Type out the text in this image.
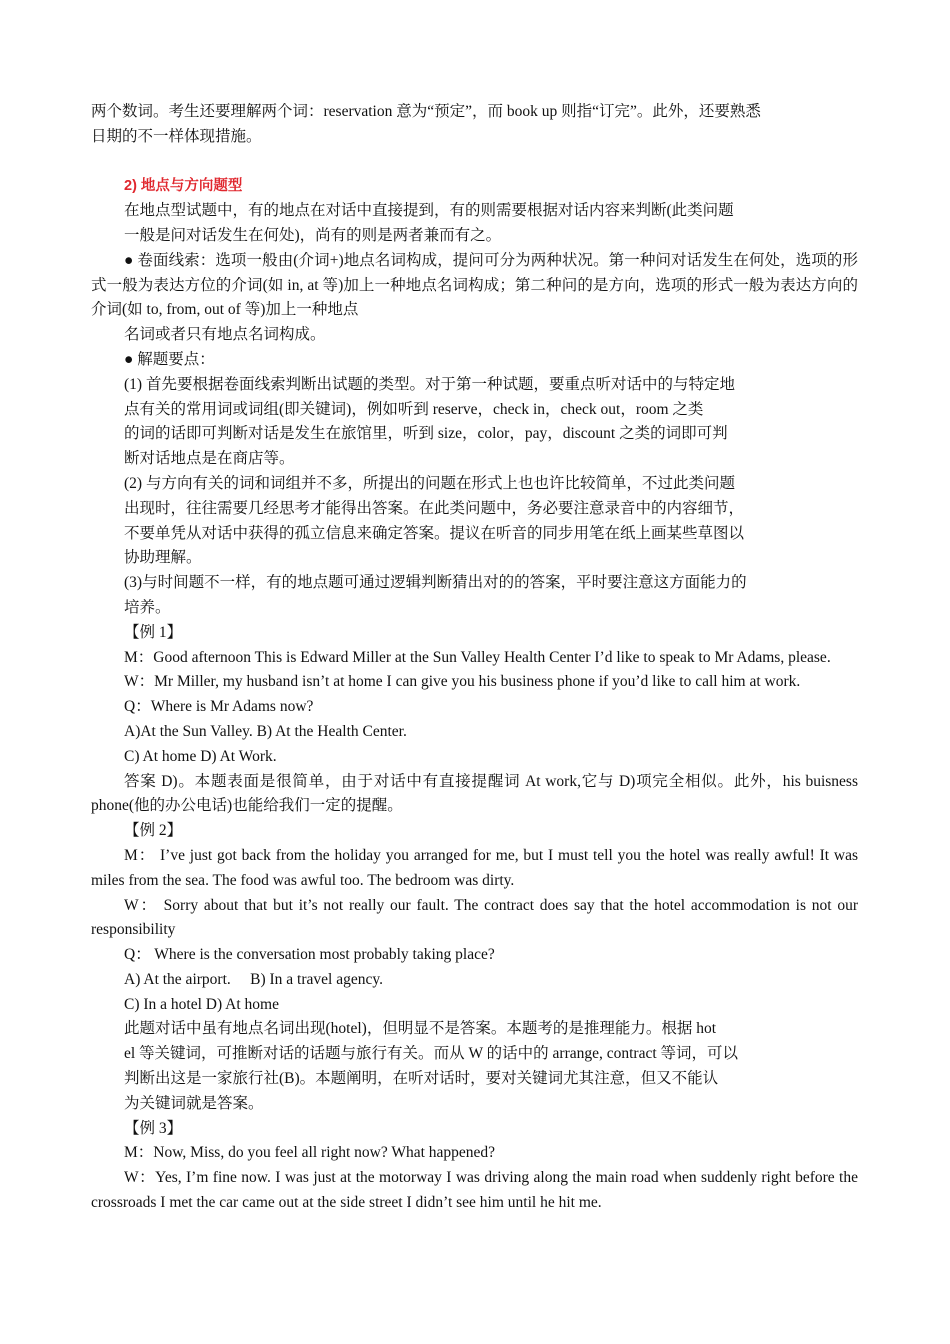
两个数词。考生还要理解两个词：reservation 意为“预定”，而 book up 则指“订完”。此外，还要熟悉
日期的不一样体现措施。
2) 地点与方向题型
在地点型试题中，有的地点在对话中直接提到，有的则需要根据对话内容来判断(此类问题
一般是问对话发生在何处)，尚有的则是两者兼而有之。
● 卷面线索：选项一般由(介词+)地点名词构成，提问可分为两种状况。第一种问对话发生在何处，选项的形式一般为表达方位的介词(如 in, at 等)加上一种地点名词构成；第二种问的是方向，选项的形式一般为表达方向的介词(如 to, from, out of 等)加上一种地点
名词或者只有地点名词构成。
● 解题要点：
(1) 首先要根据卷面线索判断出试题的类型。对于第一种试题，要重点听对话中的与特定地
点有关的常用词或词组(即关键词)，例如听到 reserve，check in，check out，room 之类
的词的话即可判断对话是发生在旅馆里，听到 size，color，pay，discount 之类的词即可判
断对话地点是在商店等。
(2) 与方向有关的词和词组并不多，所提出的问题在形式上也也许比较简单，不过此类问题
出现时，往往需要几经思考才能得出答案。在此类问题中，务必要注意录音中的内容细节，
不要单凭从对话中获得的孤立信息来确定答案。提议在听音的同步用笔在纸上画某些草图以
协助理解。
(3)与时间题不一样，有的地点题可通过逻辑判断猜出对的的答案，平时要注意这方面能力的
培养。
【例 1】
M：Good afternoon This is Edward Miller at the Sun Valley Health Center I’d like to speak to Mr Adams, please.
W：Mr Miller, my husband isn’t at home I can give you his business phone if you’d like to call him at work.
Q：Where is Mr Adams now?
A)At the Sun Valley. B) At the Health Center.
C) At home D) At Work.
答案 D)。本题表面是很简单，由于对话中有直接提醒词 At work,它与 D)项完全相似。此外，his buisness phone(他的办公电话)也能给我们一定的提醒。
【例 2】
M： I’ve just got back from the holiday you arranged for me, but I must tell you the hotel was really awful! It was miles from the sea. The food was awful too. The bedroom was dirty.
W： Sorry about that but it’s not really our fault. The contract does say that the hotel accommodation is not our responsibility
Q： Where is the conversation most probably taking place?
A) At the airport.     B) In a travel agency.
C) In a hotel D) At home
此题对话中虽有地点名词出现(hotel)，但明显不是答案。本题考的是推理能力。根据 hot
el 等关键词，可推断对话的话题与旅行有关。而从 W 的话中的 arrange, contract 等词，可以
判断出这是一家旅行社(B)。本题阐明，在听对话时，要对关键词尤其注意，但又不能认
为关键词就是答案。
【例 3】
M：Now, Miss, do you feel all right now? What happened?
W：Yes, I’m fine now. I was just at the motorway I was driving along the main road when suddenly right before the crossroads I met the car came out at the side street I didn’t see him until he hit me.
